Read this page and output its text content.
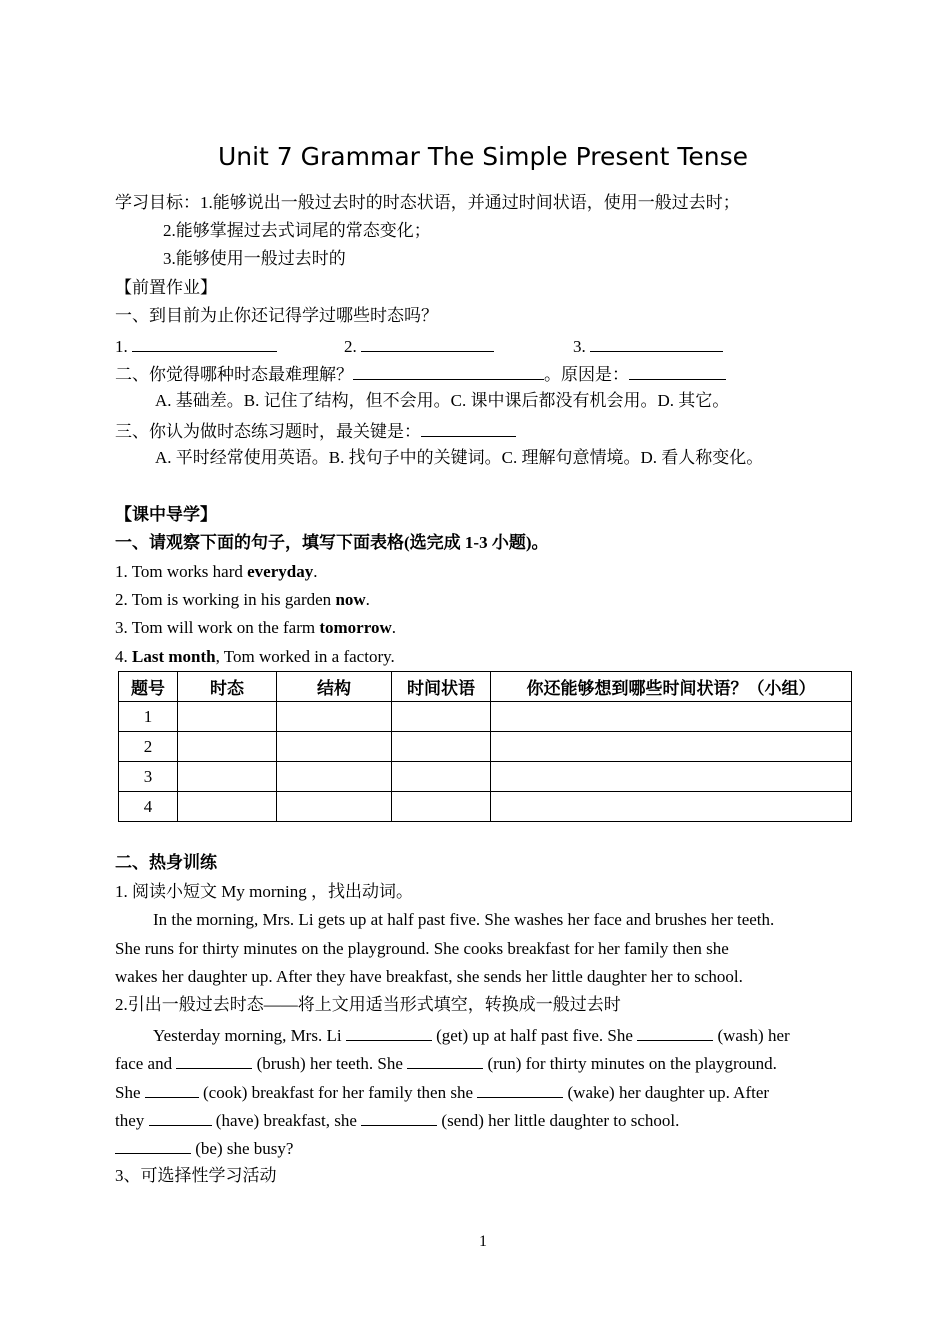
Unit 7 Grammar The Simple Present Tense
学习目标：1.能够说出一般过去时的时态状语，并通过时间状语，使用一般过去时；
2.能够掌握过去式词尾的常态变化；
3.能够使用一般过去时的
【前置作业】
一、到目前为止你还记得学过哪些时态吗？
1.	2.	3.
二、你觉得哪种时态最难理解？	。原因是：
A. 基础差。B. 记住了结构，但不会用。C. 课中课后都没有机会用。D. 其它。
三、你认为做时态练习题时，最关键是：
A. 平时经常使用英语。B. 找句子中的关键词。C. 理解句意情境。D. 看人称变化。
【课中导学】
一、请观察下面的句子，填写下面表格(选完成 1-3 小题)。
1. Tom works hard everyday.
2. Tom is working in his garden now.
3. Tom will work on the farm tomorrow.
4. Last month, Tom worked in a factory.
题号	时态	结构	时间状语	你还能够想到哪些时间状语？（小组）
1				
2				
3				
4				
二、热身训练
1. 阅读小短文 My morning ，找出动词。
In the morning, Mrs. Li gets up at half past five. She washes her face and brushes her teeth.
She runs for thirty minutes on the playground. She cooks breakfast for her family then she
wakes her daughter up. After they have breakfast, she sends her little daughter her to school.
2.引出一般过去时态——将上文用适当形式填空，转换成一般过去时
Yesterday morning, Mrs. Li	(get) up at half past five. She	(wash) her
face and	(brush) her teeth. She	(run) for thirty minutes on the playground.
She	(cook) breakfast for her family then she	(wake) her daughter up. After
they	(have) breakfast, she	(send) her little daughter to school.
(be) she busy?
3、可选择性学习活动
1
